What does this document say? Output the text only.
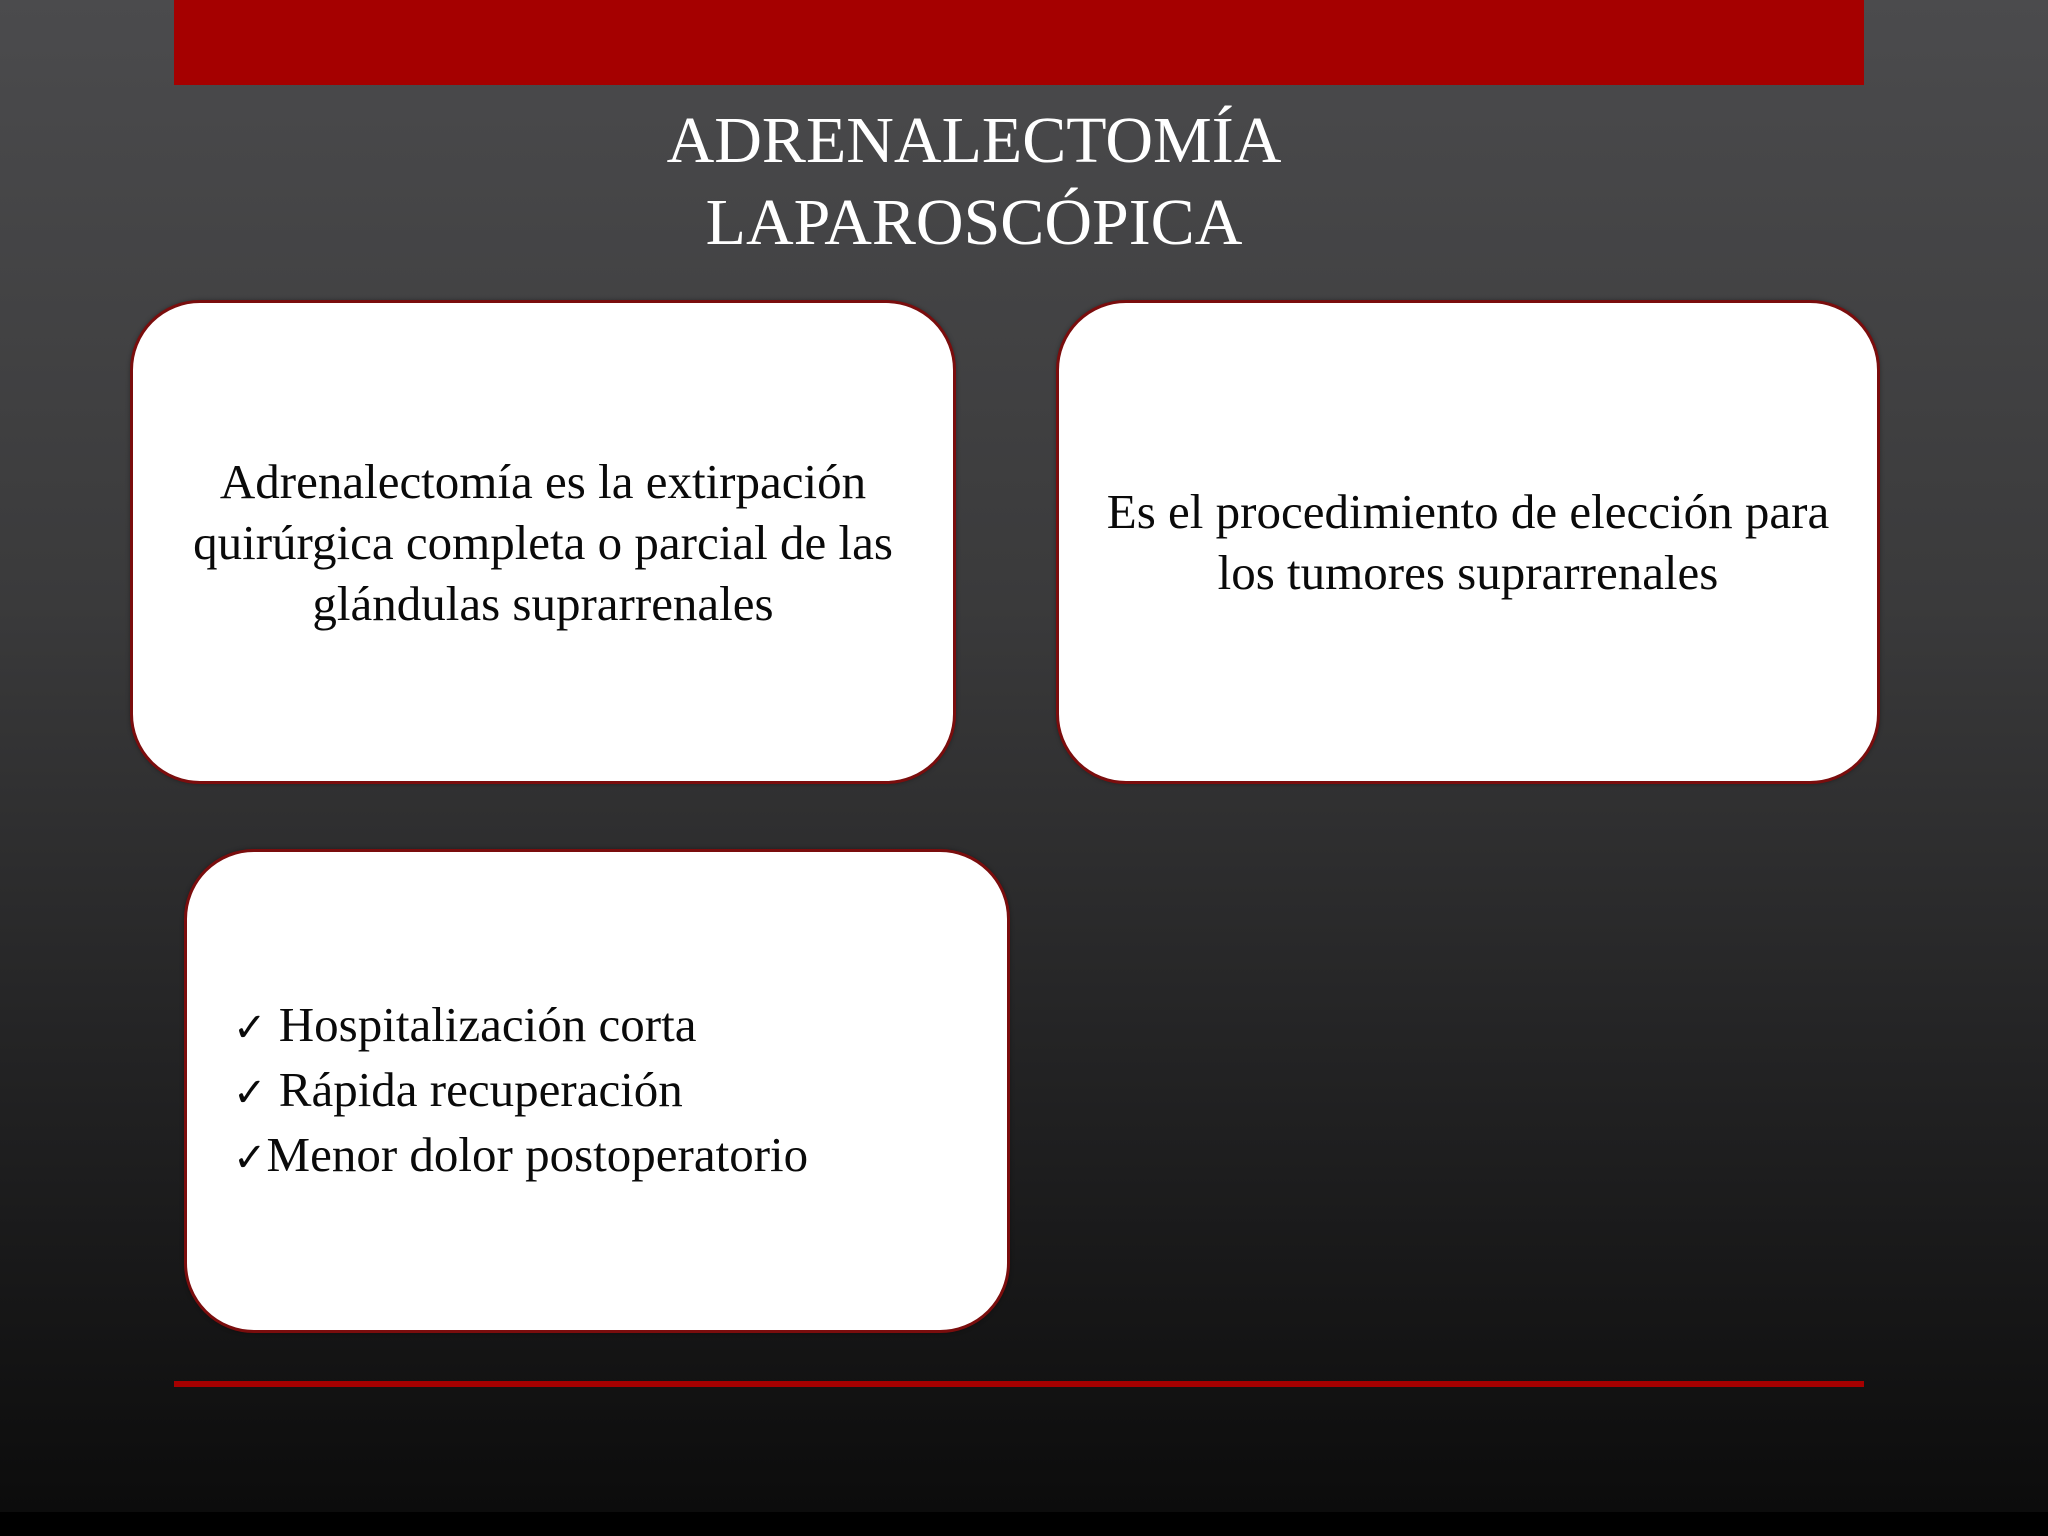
ADRENALECTOMÍA
LAPAROSCÓPICA
Adrenalectomía es la extirpación quirúrgica completa o parcial de las glándulas suprarrenales
Es el procedimiento de elección para los tumores suprarrenales
✓ Hospitalización corta
✓ Rápida recuperación
✓Menor dolor postoperatorio
